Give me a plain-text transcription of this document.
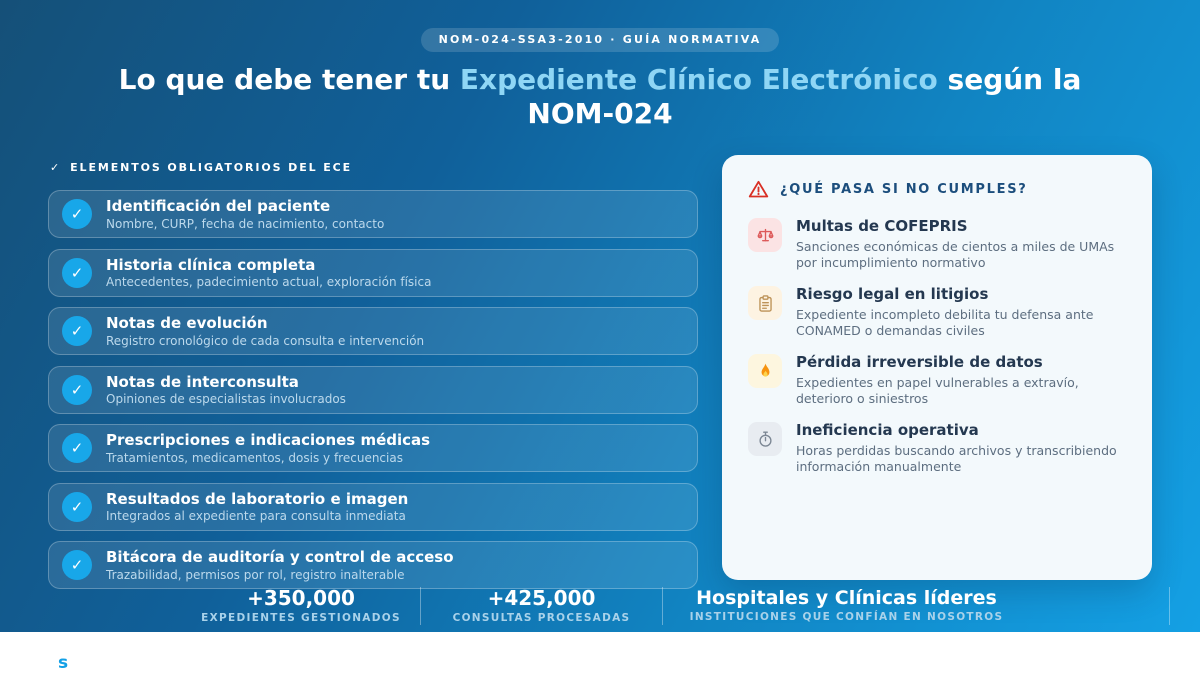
NOM-024-SSA3-2010 · GUÍA NORMATIVA
Lo que debe tener tu Expediente Clínico Electrónico según la
NOM-024
✓ ELEMENTOS OBLIGATORIOS DEL ECE
✓ Identificación del paciente
Nombre, CURP, fecha de nacimiento, contacto
✓ Historia clínica completa
Antecedentes, padecimiento actual, exploración física
✓ Notas de evolución
Registro cronológico de cada consulta e intervención
✓ Notas de interconsulta
Opiniones de especialistas involucrados
✓ Prescripciones e indicaciones médicas
Tratamientos, medicamentos, dosis y frecuencias
✓ Resultados de laboratorio e imagen
Integrados al expediente para consulta inmediata
✓ Bitácora de auditoría y control de acceso
Trazabilidad, permisos por rol, registro inalterable
¿QUÉ PASA SI NO CUMPLES?
Multas de COFEPRIS
Sanciones económicas de cientos a miles de UMAs por incumplimiento normativo
Riesgo legal en litigios
Expediente incompleto debilita tu defensa ante CONAMED o demandas civiles
Pérdida irreversible de datos
Expedientes en papel vulnerables a extravío, deterioro o siniestros
Ineficiencia operativa
Horas perdidas buscando archivos y transcribiendo información manualmente
+350,000
EXPEDIENTES GESTIONADOS
+425,000
CONSULTAS PROCESADAS
Hospitales y Clínicas líderes
INSTITUCIONES QUE CONFÍAN EN NOSOTROS
s
